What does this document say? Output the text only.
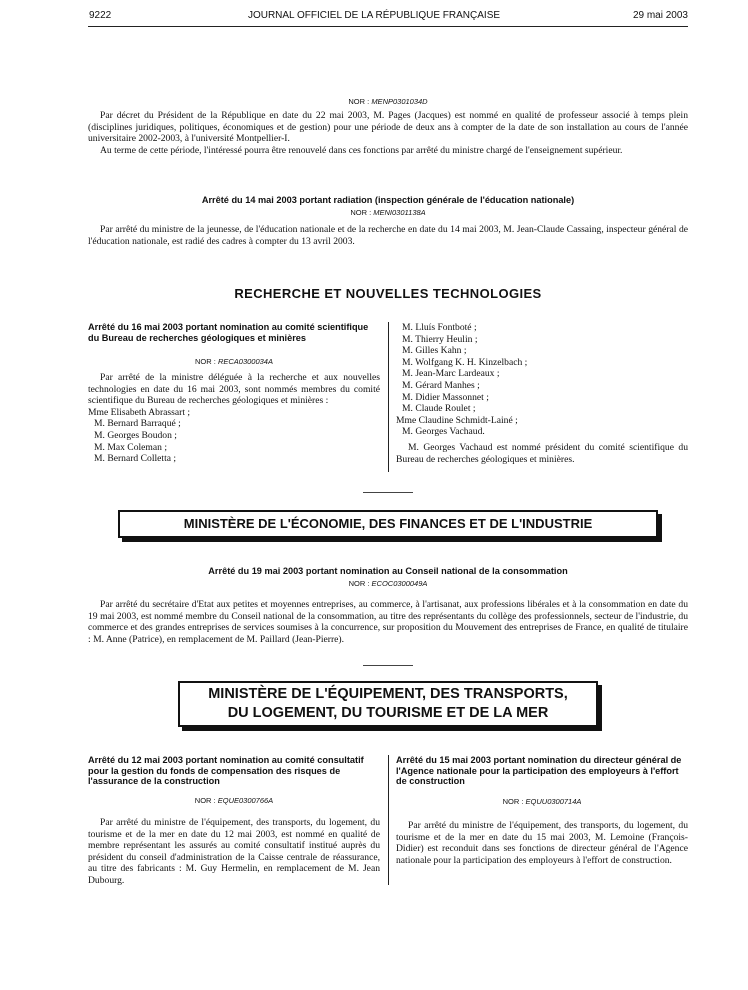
9222	JOURNAL OFFICIEL DE LA RÉPUBLIQUE FRANÇAISE	29 mai 2003
NOR : MENP0301034D

Par décret du Président de la République en date du 22 mai 2003, M. Pages (Jacques) est nommé en qualité de professeur associé à temps plein (disciplines juridiques, politiques, économiques et de gestion) pour une période de deux ans à compter de la date de son installation au cours de l'année universitaire 2002-2003, à l'université Montpellier-I.

Au terme de cette période, l'intéressé pourra être renouvelé dans ces fonctions par arrêté du ministre chargé de l'enseignement supérieur.

Arrêté du 14 mai 2003 portant radiation (inspection générale de l'éducation nationale)
NOR : MENI0301138A

Par arrêté du ministre de la jeunesse, de l'éducation nationale et de la recherche en date du 14 mai 2003, M. Jean-Claude Cassaing, inspecteur général de l'éducation nationale, est radié des cadres à compter du 13 avril 2003.

RECHERCHE ET NOUVELLES TECHNOLOGIES
Arrêté du 16 mai 2003 portant nomination au comité scientifique du Bureau de recherches géologiques et minières
NOR : RECA0300034A

Par arrêté de la ministre déléguée à la recherche et aux nouvelles technologies en date du 16 mai 2003, sont nommés membres du comité scientifique du Bureau de recherches géologiques et minières :

Mme Elisabeth Abrassart ;
M. Bernard Barraqué ;
M. Georges Boudon ;
M. Max Coleman ;
M. Bernard Colletta ;
M. Lluís Fontboté ;
M. Thierry Heulin ;
M. Gilles Kahn ;
M. Wolfgang K. H. Kinzelbach ;
M. Jean-Marc Lardeaux ;
M. Gérard Manhes ;
M. Didier Massonnet ;
M. Claude Roulet ;
Mme Claudine Schmidt-Lainé ;
M. Georges Vachaud.

M. Georges Vachaud est nommé président du comité scientifique du Bureau de recherches géologiques et minières.

MINISTÈRE DE L'ÉCONOMIE, DES FINANCES ET DE L'INDUSTRIE
Arrêté du 19 mai 2003 portant nomination au Conseil national de la consommation
NOR : ECOC0300049A

Par arrêté du secrétaire d'Etat aux petites et moyennes entreprises, au commerce, à l'artisanat, aux professions libérales et à la consommation en date du 19 mai 2003, est nommé membre du Conseil national de la consommation, au titre des représentants du collège des professionnels, secteur de l'industrie, du commerce et des grandes entreprises de services soumises à la concurrence, sur proposition du Mouvement des entreprises de France, en qualité de titulaire : M. Anne (Patrice), en remplacement de M. Paillard (Jean-Pierre).

MINISTÈRE DE L'ÉQUIPEMENT, DES TRANSPORTS,
DU LOGEMENT, DU TOURISME ET DE LA MER
Arrêté du 12 mai 2003 portant nomination au comité consultatif pour la gestion du fonds de compensation des risques de l'assurance de la construction
NOR : EQUE0300766A

Par arrêté du ministre de l'équipement, des transports, du logement, du tourisme et de la mer en date du 12 mai 2003, est nommé en qualité de membre représentant les assurés au comité consultatif institué auprès du président du conseil d'administration de la Caisse centrale de réassurance, au titre des fabricants : M. Guy Hermelin, en remplacement de M. Jean Dubourg.

Arrêté du 15 mai 2003 portant nomination du directeur général de l'Agence nationale pour la participation des employeurs à l'effort de construction
NOR : EQUU0300714A

Par arrêté du ministre de l'équipement, des transports, du logement, du tourisme et de la mer en date du 15 mai 2003, M. Lemoine (François-Didier) est reconduit dans ses fonctions de directeur général de l'Agence nationale pour la participation des employeurs à l'effort de construction.
